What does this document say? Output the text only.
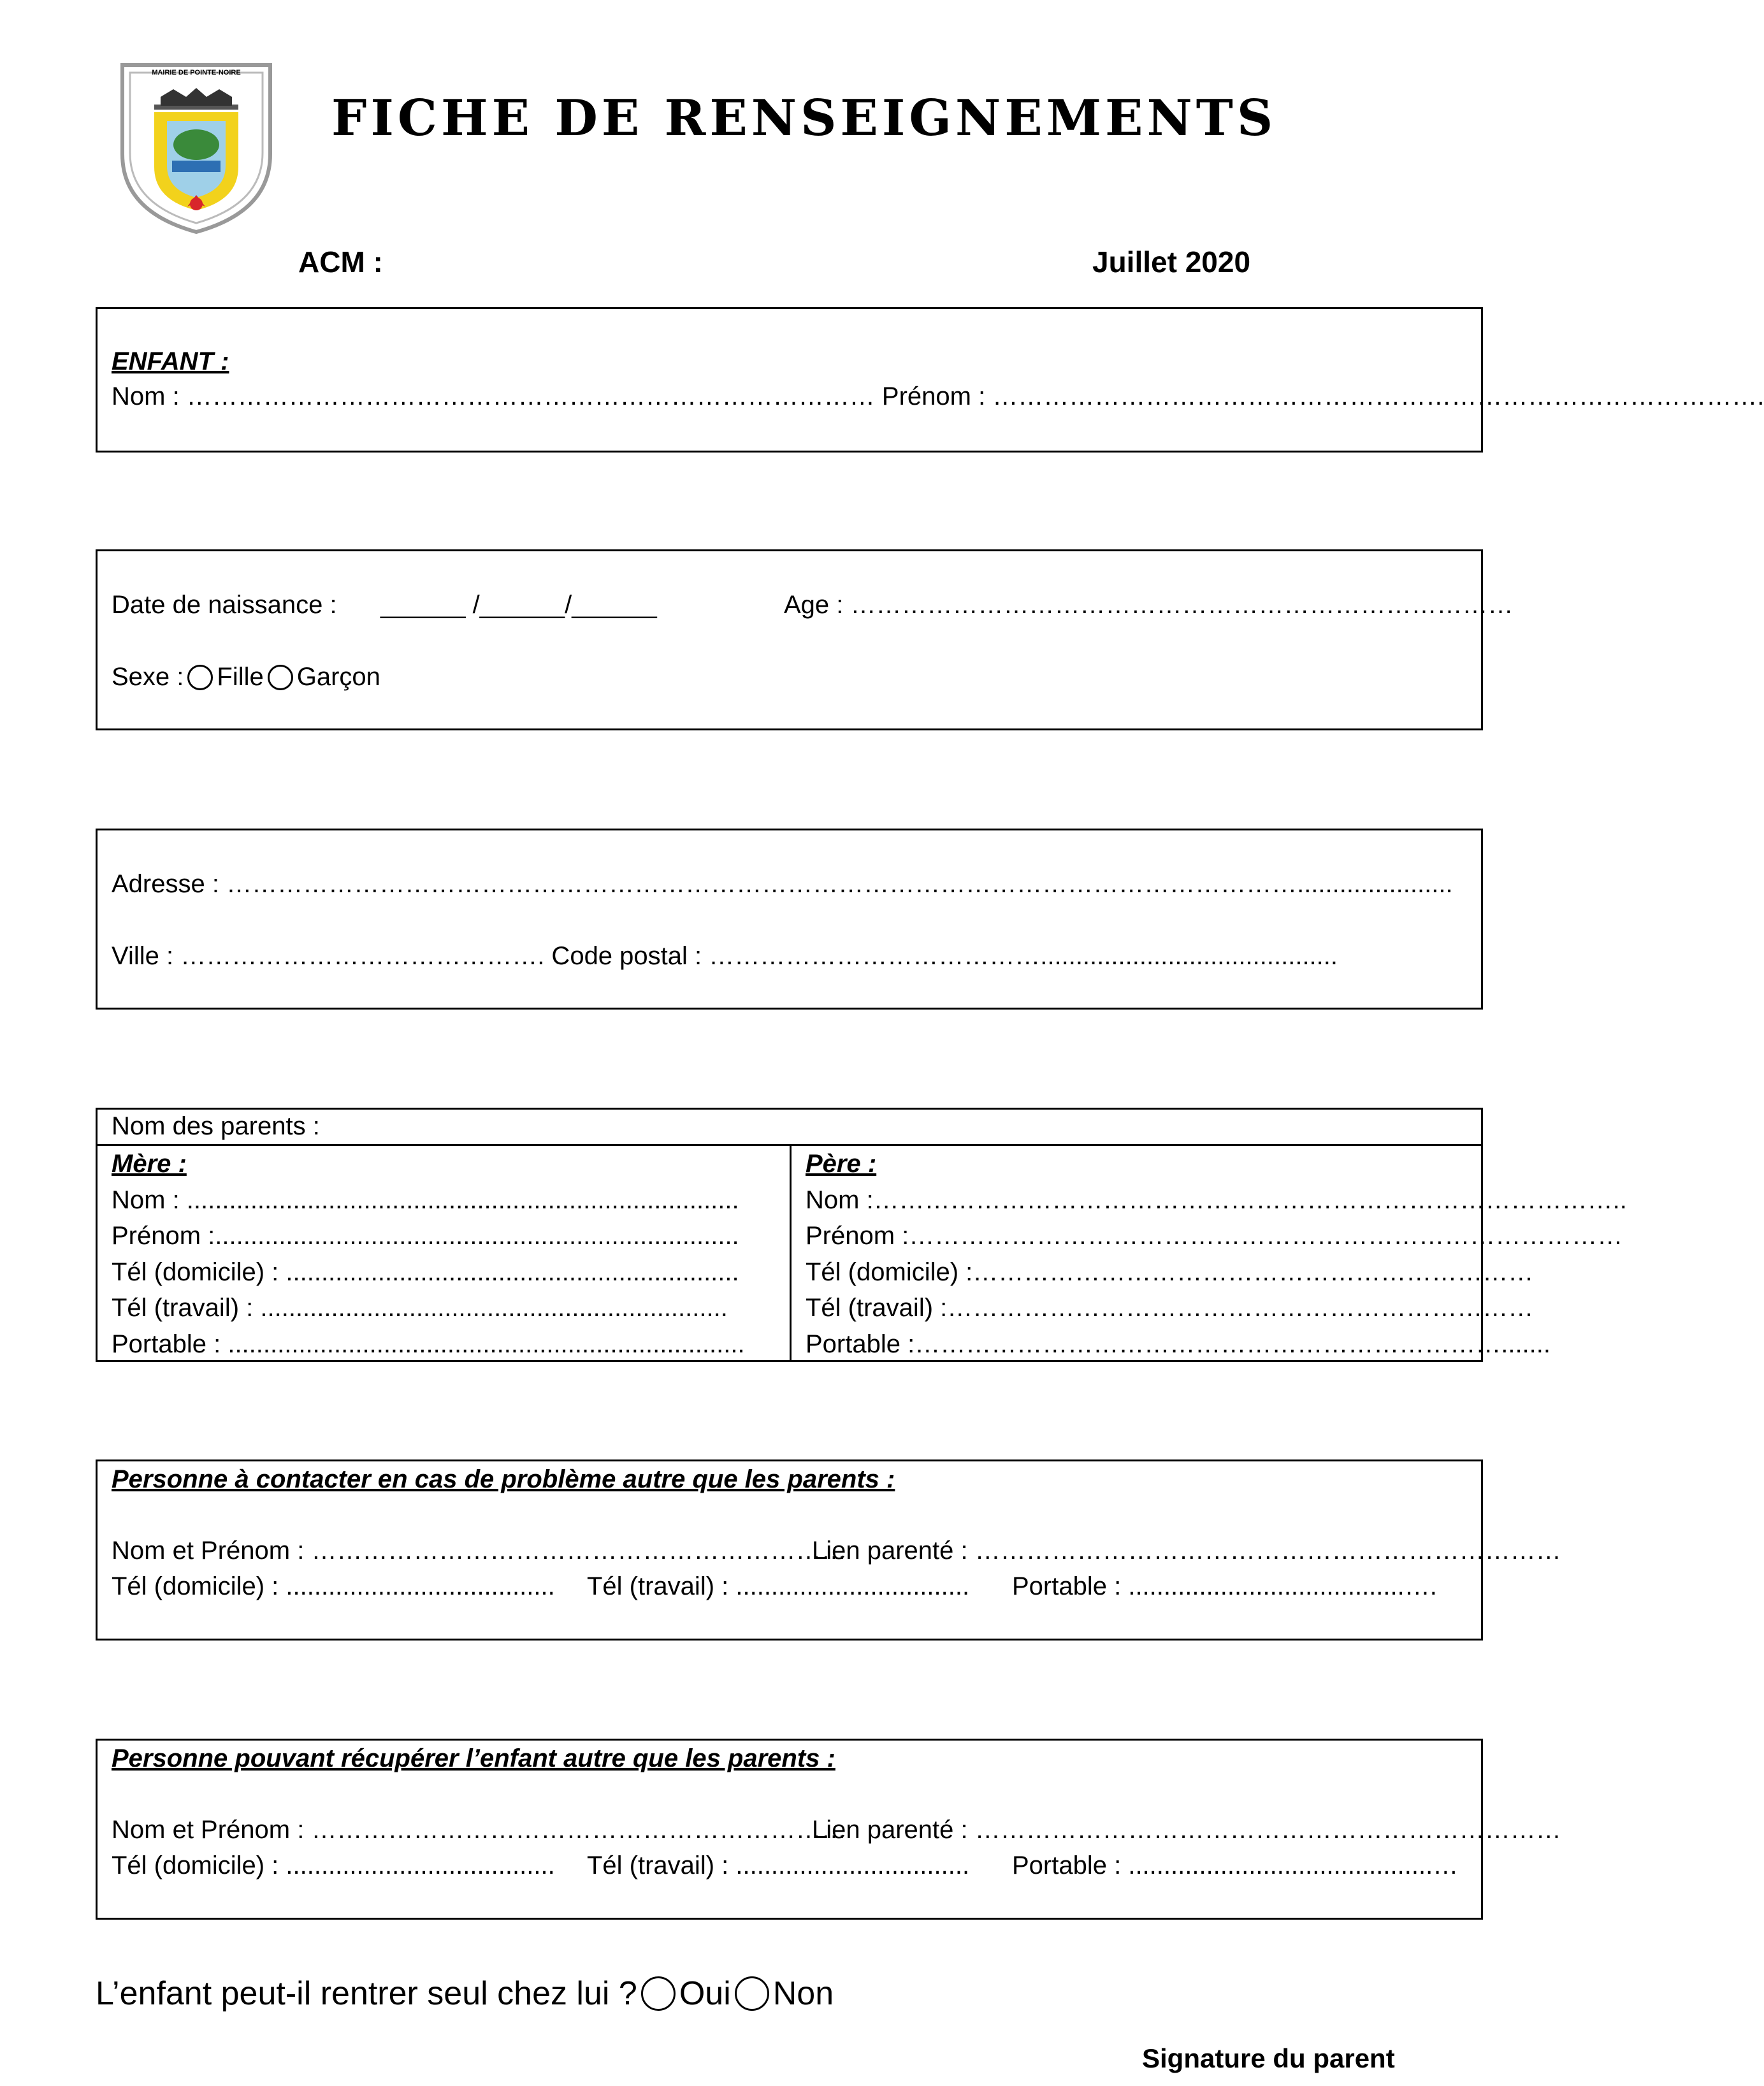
MAIRIE DE POINTE-NOIRE
FICHE DE RENSEIGNEMENTS
ACM :	Juillet 2020
ENFANT :
Nom : ……………………………………………………………………… Prénom : ……………………………………………………………………………….
Date de naissance : ______ /______/______	Age : ……………………………………………………………………
Sexe : Fille Garçon
Adresse : ………………………………………………………………………………………………………………......................
Ville : ……………………………………. Code postal : …………………………………..........................................
Nom des parents :
Mère :
Nom : ..............................................................................
Prénom :..........................................................................
Tél (domicile) : ................................................................
Tél (travail) : ..................................................................
Portable : .........................................................................
Père :
Nom :……………………………………………………………………………..
Prénom :…………………………………………………………………………
Tél (domicile) :…………………………………………………………
Tél (travail) :……………………………………………………………
Portable :…………………………………………………………….......
Personne à contacter en cas de problème autre que les parents :
Nom et Prénom : ………………………………………………………
Lien parenté : ……………………………………………………………
Tél (domicile) : ...................................... Tél (travail) : ................................. Portable : .......................................….
Personne pouvant récupérer l’enfant autre que les parents :
Nom et Prénom : ………………………………………………………
Lien parenté : ……………………………………………………………
Tél (domicile) : ...................................... Tél (travail) : ................................. Portable : ...........................................…
L’enfant peut-il rentrer seul chez lui ? Oui Non
Signature du parent
